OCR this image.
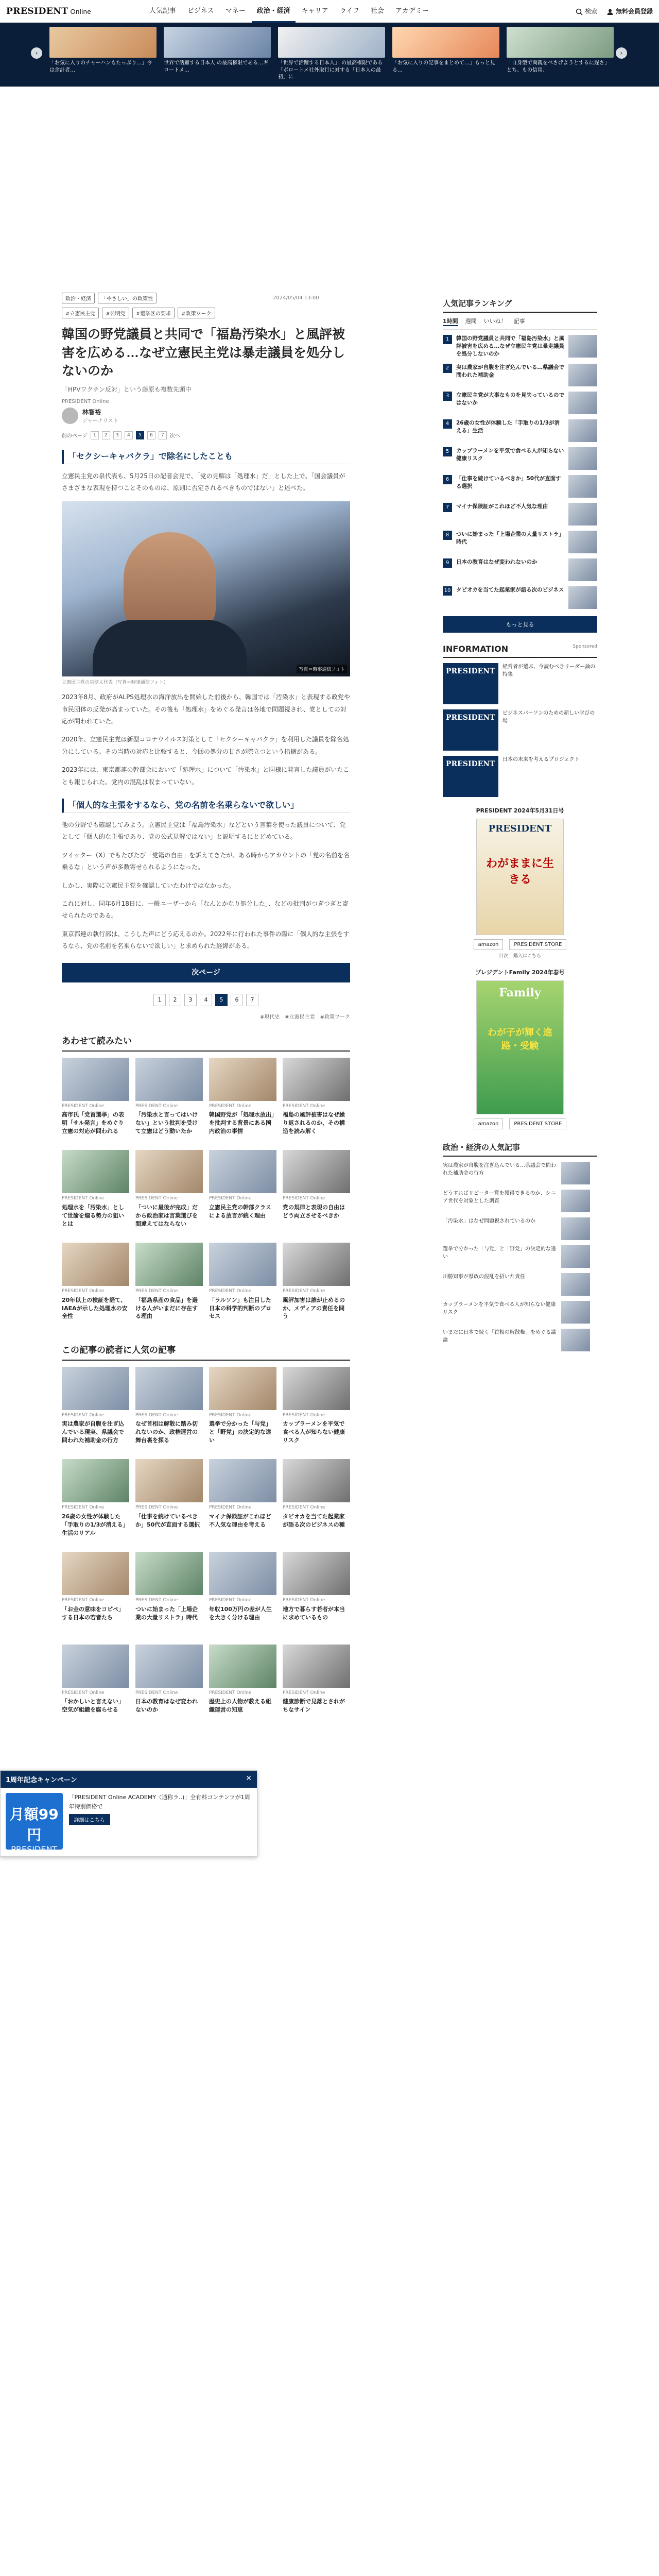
PRESIDENT Online	人気記事	ビジネス	マネー	政治・経済	キャリア	ライフ	社会	アカデミー	検索	無料会員登録
‹
「お気に入りのチャーハンもたっぷり…」今は余計者…
世界で活躍する日本人 の最高権限である…ギロートメ…
「世界で活躍する日本人」 の最高権限である 「ボロートメ社外取行に対する「日本人の最初」に
「お気に入りの記事をまとめて…」もっと見る…
「自身型で両親をべさげようとするに遅さ」とち、もの信用、
›
政治・経済	「やさしい」の政策性	2024/05/04 13:00
#立憲民主党	#公明党	#選挙区の要求	#政策ワーク
韓国の野党議員と共同で「福島汚染水」と風評被害を広める…なぜ立憲民主党は暴走議員を処分しないのか
「HPVワクチン反対」という藤原も複数先頭中
PRESIDENT Online
林智裕
ジャーナリスト
前のページ	1	2	3	4	5	6	7	次へ
「セクシーキャバクラ」で除名にしたことも

立憲民主党の泉代表も、5月25日の記者会見で、「党の見解は「処理水」だ」とした上で、「国会議員がさまざまな表現を持つことそのものは、原則に否定されるべきものではない」と述べた。

写真＝時事通信フォト
立憲民主党の泉健太代表（写真＝時事通信フォト）

2023年8月、政府がALPS処理水の海洋放出を開始した前後から、韓国では「汚染水」と表現する政党や市民団体の反発が高まっていた。その後も「処理水」をめぐる発言は各地で問題視され、党としての対応が問われていた。

2020年、立憲民主党は新型コロナウイルス対策として「セクシーキャバクラ」を利用した議員を除名処分にしている。その当時の対応と比較すると、今回の処分の甘さが際立つという指摘がある。

2023年には、東京都連の幹部会において「処理水」について「汚染水」と同様に発言した議員がいたことも報じられた。党内の混乱は収まっていない。

「個人的な主張をするなら、党の名前を名乗らないで欲しい」

他の分野でも確認してみよう。立憲民主党は「福島汚染水」などという言葉を使った議員について、党として「個人的な主張であり、党の公式見解ではない」と説明するにとどめている。

ツイッター（X）でもたびたび「党籍の自由」を訴えてきたが、ある時からアカウントの「党の名前を名乗るな」という声が多数寄せられるようになった。

しかし、実際に立憲民主党を確認していたわけではなかった。

これに対し、同年6月18日に、一般ユーザーから「なんとかなり処分した」、などの批判がつぎつぎと寄せられたのである。

東京都連の執行部は、こうした声にどう応えるのか。2022年に行われた事件の際に「個人的な主張をするなら、党の名前を名乗らないで欲しい」と求められた経緯がある。

次ページ
1	2	3	4	5	6	7
#現代史 #立憲民主党 #政策ワーク
あわせて読みたい
PRESIDENT Online
高市氏「党首選挙」の表明「サル発言」をめぐり立憲の対応が問われる
PRESIDENT Online
「汚染水と言ってはいけない」という批判を受けて立憲はどう動いたか
PRESIDENT Online
韓国野党が「処理水放出」を批判する背景にある国内政治の事情
PRESIDENT Online
福島の風評被害はなぜ繰り返されるのか、その構造を読み解く
PRESIDENT Online
処理水を「汚染水」として世論を煽る勢力の狙いとは
PRESIDENT Online
「ついに最後が完成」だから政治家は言葉選びを間違えてはならない
PRESIDENT Online
立憲民主党の幹部クラスによる放言が続く理由
PRESIDENT Online
党の規律と表現の自由はどう両立させるべきか
PRESIDENT Online
20年以上の検証を経て、IAEAが示した処理水の安全性
PRESIDENT Online
「福島県産の食品」を避ける人がいまだに存在する理由
PRESIDENT Online
「ラルソン」も注目した日本の科学的判断のプロセス
PRESIDENT Online
風評加害は誰が止めるのか、メディアの責任を問う
この記事の読者に人気の記事
PRESIDENT Online
実は農家が自腹を注ぎ込んでいる現実、県議会で問われた補助金の行方
PRESIDENT Online
なぜ首相は解散に踏み切れないのか、政権運営の舞台裏を探る
PRESIDENT Online
選挙で分かった「与党」と「野党」の決定的な違い
PRESIDENT Online
カップラーメンを平気で食べる人が知らない健康リスク
PRESIDENT Online
26歳の女性が体験した「手取りの1/3が消える」生活のリアル
PRESIDENT Online
「仕事を続けているべきか」50代が直面する選択
PRESIDENT Online
マイナ保険証がこれほど不人気な理由を考える
PRESIDENT Online
タピオカを当てた起業家が語る次のビジネスの種
PRESIDENT Online
「お金の意味をコピペ」する日本の若者たち
PRESIDENT Online
ついに始まった「上場企業の大量リストラ」時代
PRESIDENT Online
年収100万円の差が人生を大きく分ける理由
PRESIDENT Online
地方で暮らす若者が本当に求めているもの
PRESIDENT Online
「おかしいと言えない」空気が組織を腐らせる
PRESIDENT Online
日本の教育はなぜ変われないのか
PRESIDENT Online
歴史上の人物が教える組織運営の知恵
PRESIDENT Online
健康診断で見落とされがちなサイン
人気記事ランキング
1時間 週間 いいね！ 記事
1	韓国の野党議員と共同で「福島汚染水」と風評被害を広める…なぜ立憲民主党は暴走議員を処分しないのか
2	実は農家が自腹を注ぎ込んでいる…県議会で問われた補助金
3	立憲民主党が大事なものを見失っているのではないか
4	26歳の女性が体験した「手取りの1/3が消える」生活
5	カップラーメンを平気で食べる人が知らない健康リスク
6	「仕事を続けているべきか」50代が直面する選択
7	マイナ保険証がこれほど不人気な理由
8	ついに始まった「上場企業の大量リストラ」時代
9	日本の教育はなぜ変われないのか
10 タピオカを当てた起業家が語る次のビジネス
もっと見る
INFORMATION	Sponsored
PRESIDENT
経営者が選ぶ、今読むべきリーダー論の特集
PRESIDENT
ビジネスパーソンのための新しい学びの場
PRESIDENT
日本の未来を考えるプロジェクト
PRESIDENT 2024年5月31日号
PRESIDENT
わがままに生きる
amazon	PRESIDENT STORE
目次 購入はこちら
プレジデントFamily 2024年春号
Family
わが子が輝く進路・受験
amazon	PRESIDENT STORE
政治・経済の人気記事
実は農家が自腹を注ぎ込んでいる…県議会で問われた補助金の行方
どうすればリピーター賞を獲得できるのか、シニア世代を対象とした調査
「汚染水」はなぜ問題視されているのか
選挙で分かった「与党」と「野党」の決定的な違い
川勝知事が県政の混乱を招いた責任
カップラーメンを平気で食べる人が知らない健康リスク
いまだに日本で続く「首相の解散権」をめぐる議論
1周年記念キャンペーン	✕
月額99円
PRESIDENT
「PRESIDENT Online ACADEMY（通称ラ..)」全有料コンテンツが1周年特別価格で
詳細はこちら
